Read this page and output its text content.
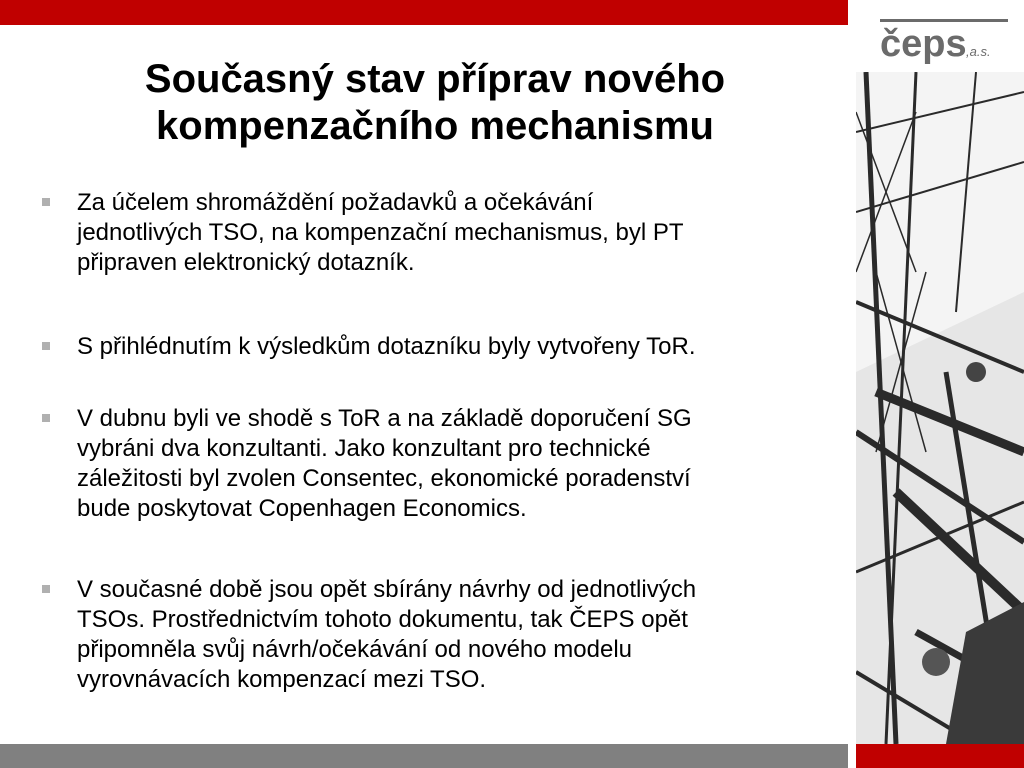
čeps ,a.s.
Současný stav příprav nového
kompenzačního mechanismu
Za účelem shromáždění požadavků a očekávání
jednotlivých TSO, na kompenzační mechanismus, byl PT
připraven elektronický dotazník.
S přihlédnutím k výsledkům dotazníku byly vytvořeny ToR.
V dubnu byli ve shodě s ToR a na základě doporučení SG
vybráni dva konzultanti. Jako konzultant pro technické
záležitosti byl zvolen Consentec, ekonomické poradenství
bude poskytovat Copenhagen Economics.
V současné době jsou opět sbírány návrhy od jednotlivých
TSOs. Prostřednictvím tohoto dokumentu, tak ČEPS opět
připomněla svůj návrh/očekávání od nového modelu
vyrovnávacích kompenzací mezi TSO.
